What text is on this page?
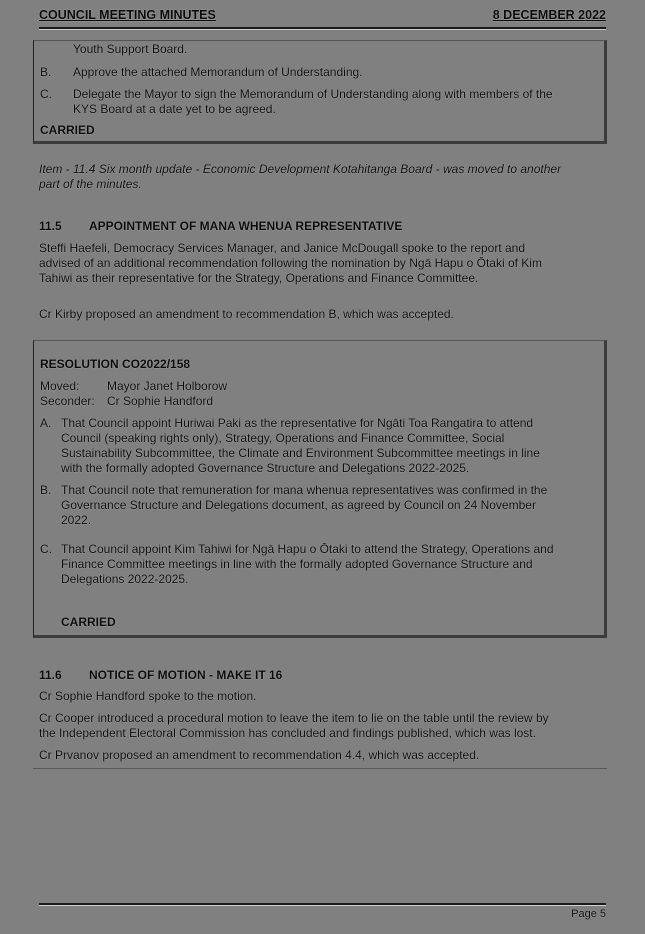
COUNCIL MEETING MINUTES	8 DECEMBER 2022
Youth Support Board.
B. Approve the attached Memorandum of Understanding.
C. Delegate the Mayor to sign the Memorandum of Understanding along with members of the
KYS Board at a date yet to be agreed.
CARRIED
Item - 11.4 Six month update - Economic Development Kotahitanga Board - was moved to another
part of the minutes.
11.5 APPOINTMENT OF MANA WHENUA REPRESENTATIVE
Steffi Haefeli, Democracy Services Manager, and Janice McDougall spoke to the report and
advised of an additional recommendation following the nomination by Ngā Hapu o Ōtaki of Kim
Tahiwi as their representative for the Strategy, Operations and Finance Committee.
Cr Kirby proposed an amendment to recommendation B, which was accepted.
RESOLUTION CO2022/158
Moved: Mayor Janet Holborow
Seconder: Cr Sophie Handford
A. That Council appoint Huriwai Paki as the representative for Ngāti Toa Rangatira to attend
Council (speaking rights only), Strategy, Operations and Finance Committee, Social
Sustainability Subcommittee, the Climate and Environment Subcommittee meetings in line
with the formally adopted Governance Structure and Delegations 2022-2025.
B. That Council note that remuneration for mana whenua representatives was confirmed in the
Governance Structure and Delegations document, as agreed by Council on 24 November
2022.
C. That Council appoint Kim Tahiwi for Ngā Hapu o Ōtaki to attend the Strategy, Operations and
Finance Committee meetings in line with the formally adopted Governance Structure and
Delegations 2022-2025.
CARRIED
11.6 NOTICE OF MOTION - MAKE IT 16
Cr Sophie Handford spoke to the motion.
Cr Cooper introduced a procedural motion to leave the item to lie on the table until the review by
the Independent Electoral Commission has concluded and findings published, which was lost.
Cr Prvanov proposed an amendment to recommendation 4.4, which was accepted.
Page 5
